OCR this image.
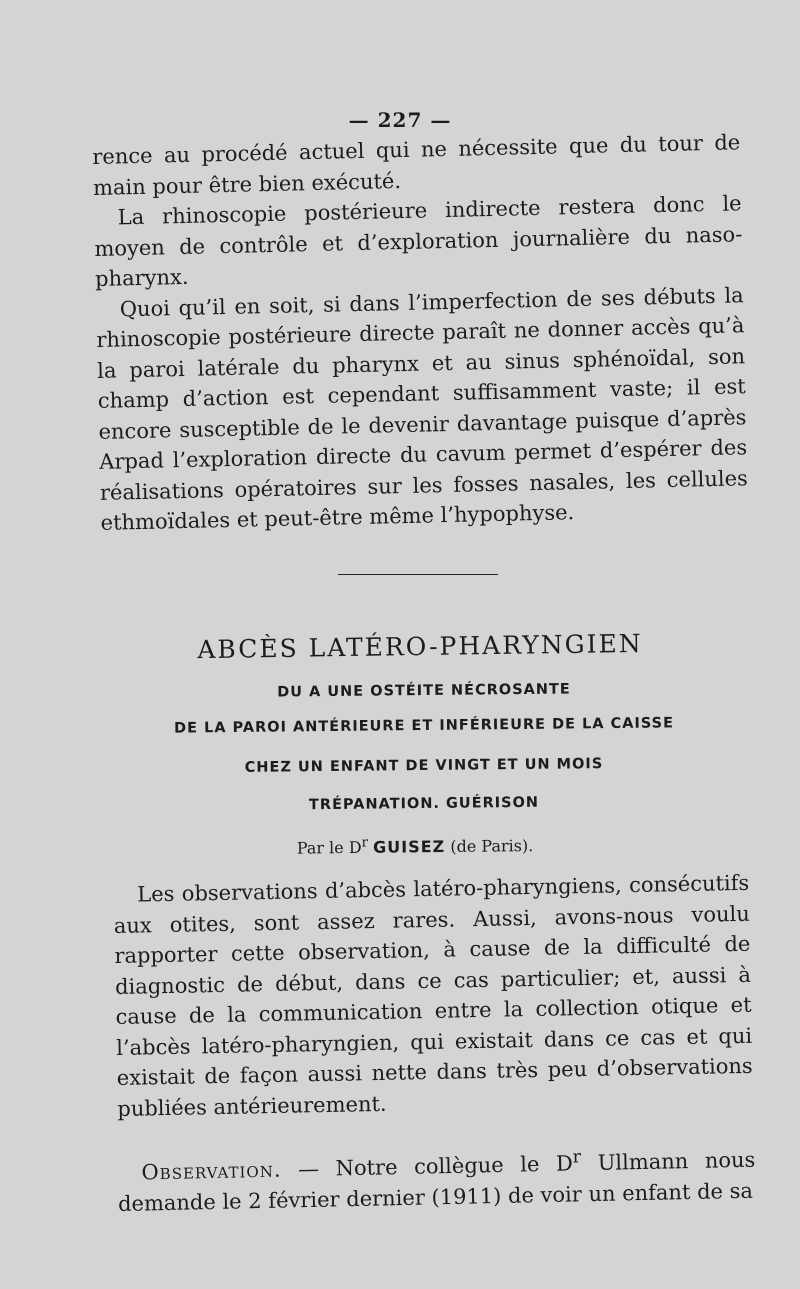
— 227 —

rence au procédé actuel qui ne nécessite que du tour de main pour être bien exécuté.

La rhinoscopie postérieure indirecte restera donc le moyen de contrôle et d’exploration journalière du naso-pharynx.

Quoi qu’il en soit, si dans l’imperfection de ses débuts la rhinoscopie postérieure directe paraît ne donner accès qu’à la paroi latérale du pharynx et au sinus sphénoïdal, son champ d’action est cependant suffisamment vaste; il est encore susceptible de le devenir davantage puisque d’après Arpad l’exploration directe du cavum permet d’espérer des réalisations opératoires sur les fosses nasales, les cellules ethmoïdales et peut-être même l’hypophyse.

ABCÈS LATÉRO-PHARYNGIEN
DU A UNE OSTÉITE NÉCROSANTE
DE LA PAROI ANTÉRIEURE ET INFÉRIEURE DE LA CAISSE
CHEZ UN ENFANT DE VINGT ET UN MOIS
TRÉPANATION. GUÉRISON
Par le $D^r$ GUISEZ (de Paris).

Les observations d’abcès latéro-pharyngiens, consécutifs aux otites, sont assez rares. Aussi, avons-nous voulu rapporter cette observation, à cause de la difficulté de diagnostic de début, dans ce cas particulier; et, aussi à cause de la communication entre la collection otique et l’abcès latéro-pharyngien, qui existait dans ce cas et qui existait de façon aussi nette dans très peu d’observations publiées antérieurement.

Observation. — Notre collègue le $D^r$ Ullmann nous demande le 2 février dernier (1911) de voir un enfant de sa
